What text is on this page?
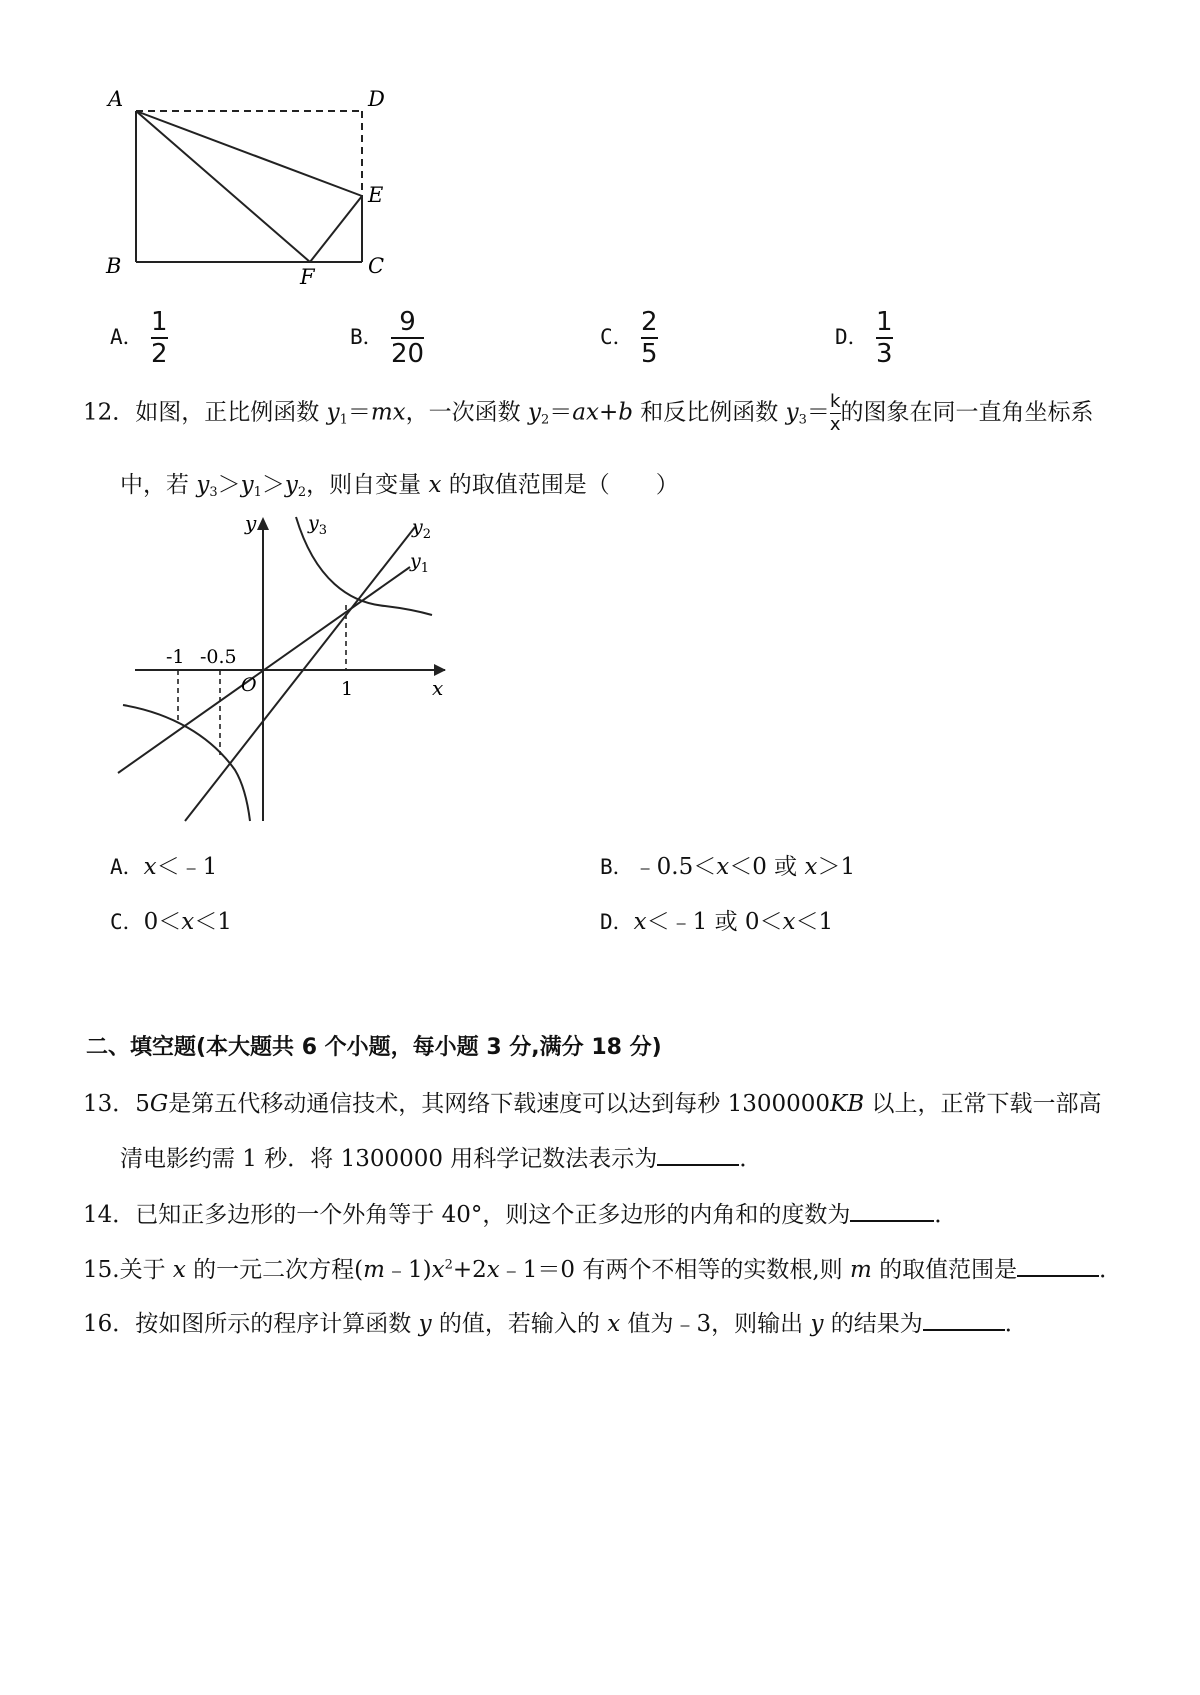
A	D
E
B	F	C
A． $\frac{1}{2}$	B． $\frac{9}{20}$	C． $\frac{2}{5}$	D． $\frac{1}{3}$
12．如图，正比例函数 $y_1=mx$，一次函数 $y_2=ax+b$ 和反比例函数 $y_3= \frac{k}{x}$ 的图象在同一直角坐标系
中，若 $y_3>y_1>y_2$，则自变量 x 的取值范围是（　　）
y
x
O
-1 -0.5
1
$y_3$	$y_2$
$y_1$
A．x＜﹣1	B．﹣0.5＜x＜0 或 x＞1
C．0＜x＜1	D．x＜﹣1 或 0＜x＜1
二、填空题(本大题共 6 个小题，每小题 3 分,满分 18 分)
13．5G是第五代移动通信技术，其网络下载速度可以达到每秒 1300000KB 以上，正常下载一部高
清电影约需 1 秒．将 1300000 用科学记数法表示为	．
14．已知正多边形的一个外角等于 40°，则这个正多边形的内角和的度数为	．
15.关于 x 的一元二次方程$(m﹣1)x^2+2x﹣1=0$ 有两个不相等的实数根,则 m 的取值范围是	．
16．按如图所示的程序计算函数 y 的值，若输入的 x 值为﹣3，则输出 y 的结果为	．
